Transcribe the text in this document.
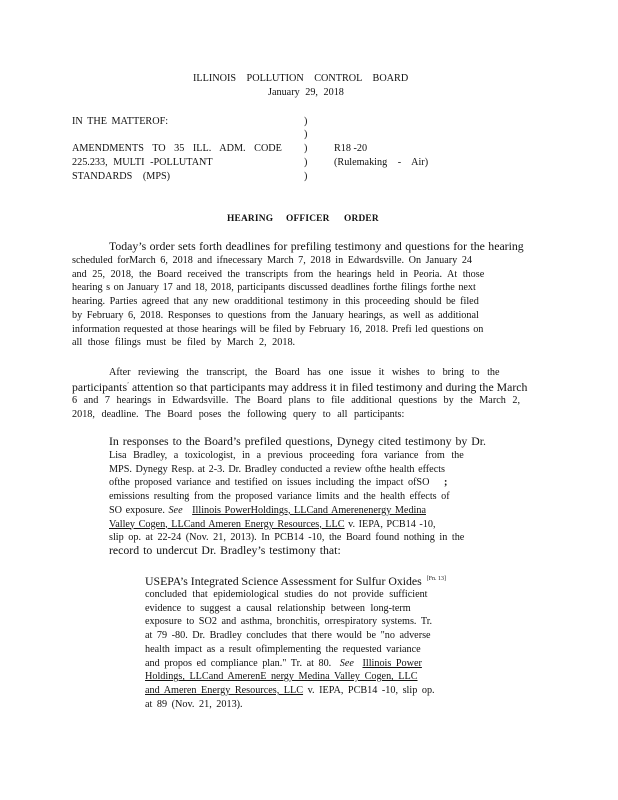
ILLINOIS POLLUTION CONTROL BOARD
January 29, 2018
IN THE MATTEROF:
AMENDMENTS TO 35 ILL. ADM. CODE
225.233, MULTI -POLLUTANT
STANDARDS (MPS)
)
)
)
)
)
R18 -20
(Rulemaking - Air)
HEARING OFFICER ORDER
Today’s order sets forth deadlines for prefiling testimony and questions for the hearing
scheduled forMarch 6, 2018 and ifnecessary March 7, 2018 in Edwardsville. On January 24
and 25, 2018, the Board received the transcripts from the hearings held in Peoria. At those
hearing s on January 17 and 18, 2018, participants discussed deadlines forthe filings forthe next
hearing. Parties agreed that any new oradditional testimony in this proceeding should be filed
by February 6, 2018. Responses to questions from the January hearings, as well as additional
information requested at those hearings will be filed by February 16, 2018. Prefi led questions on
all those filings must be filed by March 2, 2018.
After reviewing the transcript, the Board has one issue it wishes to bring to the
participants’ attention so that participants may address it in filed testimony and during the March
6 and 7 hearings in Edwardsville. The Board plans to file additional questions by the March 2,
2018, deadline. The Board poses the following query to all participants:
In responses to the Board’s prefiled questions, Dynegy cited testimony by Dr.
Lisa Bradley, a toxicologist, in a previous proceeding fora variance from the
MPS. Dynegy Resp. at 2-3. Dr. Bradley conducted a review ofthe health effects
ofthe proposed variance and testified on issues including the impact ofSO ;
emissions resulting from the proposed variance limits and the health effects of
SO exposure. See Illinois PowerHoldings, LLCand Amerenenergy Medina
Valley Cogen, LLCand Ameren Energy Resources, LLC v. IEPA, PCB14 -10,
slip op. at 22-24 (Nov. 21, 2013). In PCB14 -10, the Board found nothing in the
record to undercut Dr. Bradley’s testimony that:
USEPA’s Integrated Science Assessment for Sulfur Oxides [Fn. 13]
concluded that epidemiological studies do not provide sufficient
evidence to suggest a causal relationship between long-term
exposure to SO2 and asthma, bronchitis, orrespiratory systems. Tr.
at 79 -80. Dr. Bradley concludes that there would be "no adverse
health impact as a result ofimplementing the requested variance
and propos ed compliance plan." Tr. at 80. See Illinois Power
Holdings, LLCand AmerenE nergy Medina Valley Cogen, LLC
and Ameren Energy Resources, LLC v. IEPA, PCB14 -10, slip op.
at 89 (Nov. 21, 2013).
